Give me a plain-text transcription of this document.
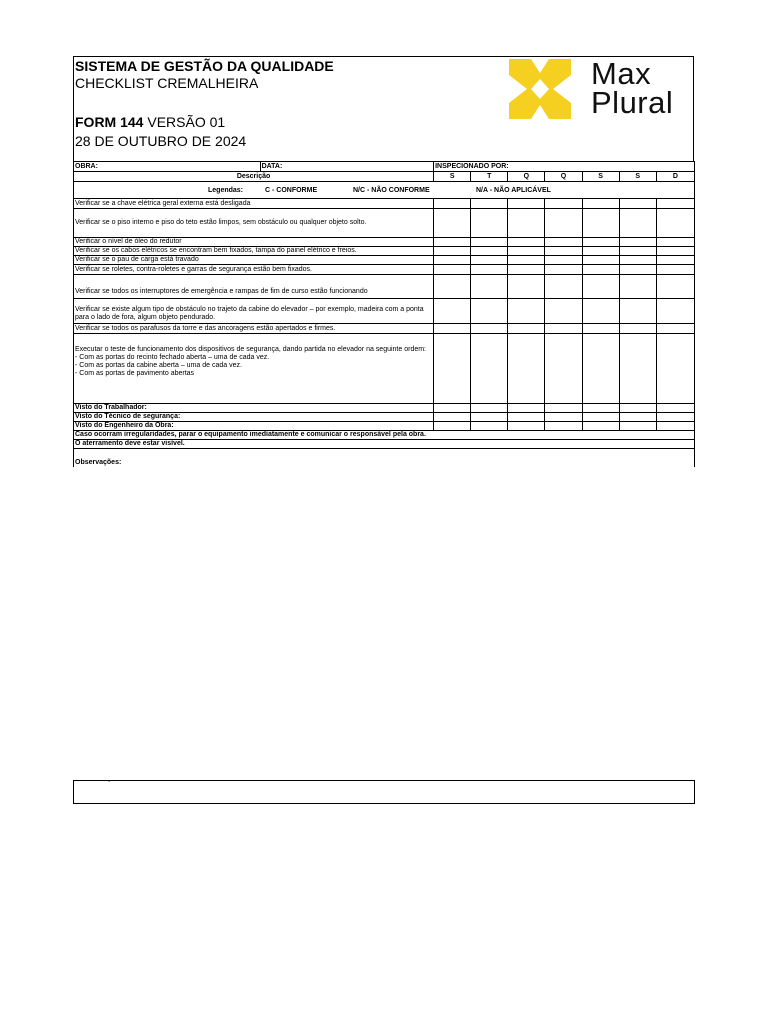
SISTEMA DE GESTÃO DA QUALIDADE
CHECKLIST CREMALHEIRA
FORM 144 VERSÃO 01
28 DE OUTUBRO DE 2024
Max
Plural
OBRA:	DATA:	INSPECIONADO POR:						
Descrição		S	T	Q	Q	S	S	D

Legendas: C - CONFORME N/C - NÃO CONFORME N/A - NÃO APLICÁVEL								

Verificar se a chave elétrica geral externa está desligada								
Verificar se o piso interno e piso do teto estão limpos, sem obstáculo ou qualquer objeto solto.								
Verificar o nível de óleo do redutor								
Verificar se os cabos elétricos se encontram bem fixados, tampa do painel elétrico e freios.								
Verificar se o pau de carga está travado								
Verificar se roletes, contra-roletes e garras de segurança estão bem fixados.								
Verificar se todos os interruptores de emergência e rampas de fim de curso estão funcionando								
Verificar se existe algum tipo de obstáculo no trajeto da cabine do elevador – por exemplo, madeira com a ponta para o lado de fora, algum objeto pendurado.								
Verificar se todos os parafusos da torre e das ancoragens estão apertados e firmes.								

Executar o teste de funcionamento dos dispositivos de segurança, dando partida no elevador na seguinte ordem:
- Com as portas do recinto fechado aberta – uma de cada vez.
- Com as portas da cabine aberta – uma de cada vez.
- Com as portas de pavimento abertas								

Visto do Trabalhador:								
Visto do Técnico de segurança:								
Visto do Engenheiro da Obra:								
Caso ocorram irregularidades, parar o equipamento imediatamente e comunicar o responsável pela obra.								
O aterramento deve estar visível.								
Observações:								
.
